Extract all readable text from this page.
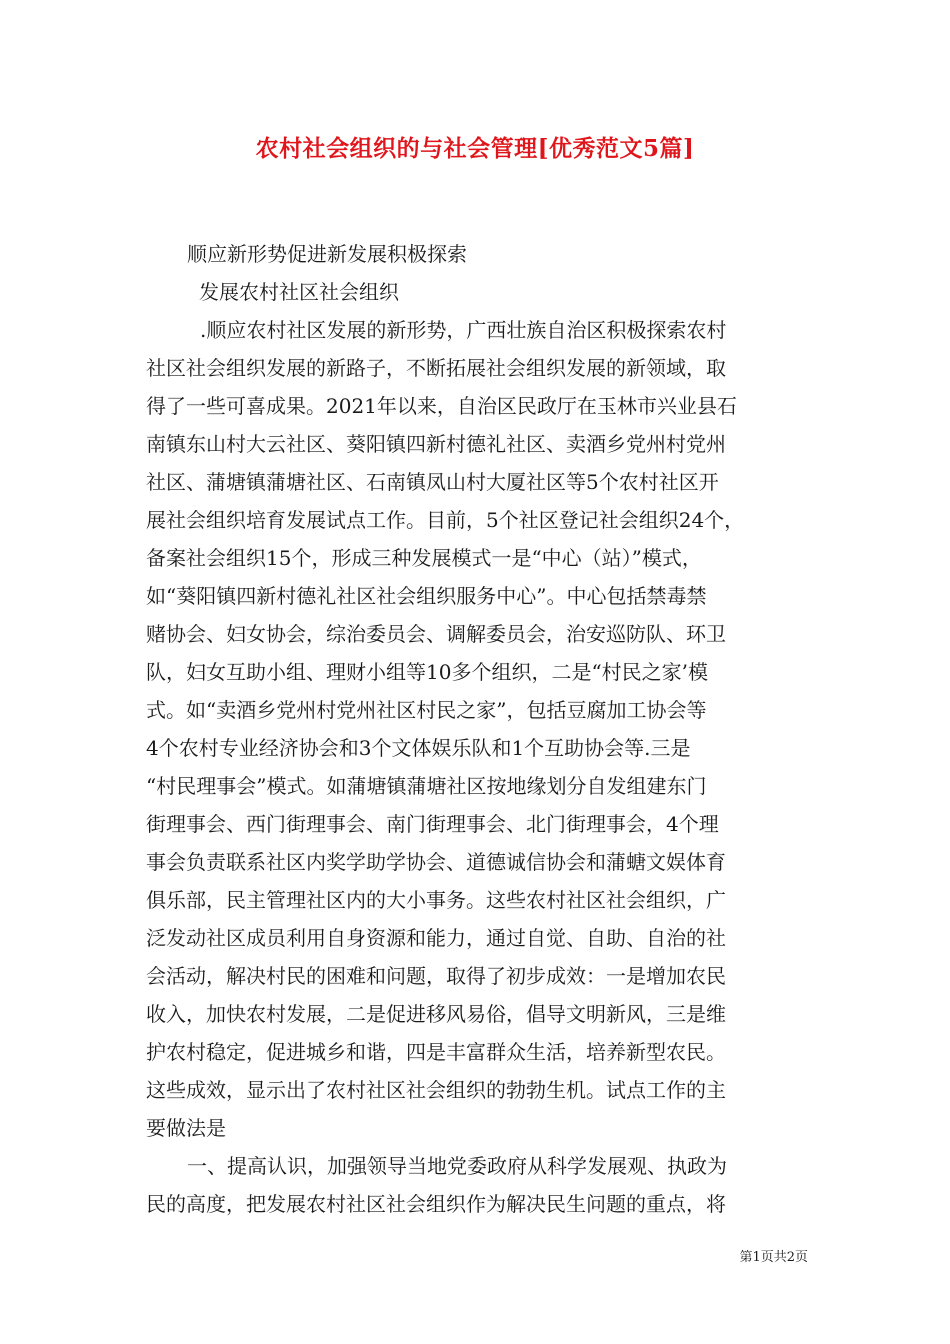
农村社会组织的与社会管理[优秀范文5篇]
顺应新形势促进新发展积极探索
发展农村社区社会组织
.顺应农村社区发展的新形势，广西壮族自治区积极探索农村
社区社会组织发展的新路子，不断拓展社会组织发展的新领域，取
得了一些可喜成果。2021年以来，自治区民政厅在玉林市兴业县石
南镇东山村大云社区、葵阳镇四新村德礼社区、卖酒乡党州村党州
社区、蒲塘镇蒲塘社区、石南镇凤山村大厦社区等5个农村社区开
展社会组织培育发展试点工作。目前，5个社区登记社会组织24个，
备案社会组织15个，形成三种发展模式一是“中心（站）”模式，
如“葵阳镇四新村德礼社区社会组织服务中心”。中心包括禁毒禁
赌协会、妇女协会，综治委员会、调解委员会，治安巡防队、环卫
队，妇女互助小组、理财小组等10多个组织，二是“村民之家’模
式。如“卖酒乡党州村党州社区村民之家”，包括豆腐加工协会等
4个农村专业经济协会和3个文体娱乐队和1个互助协会等.三是
“村民理事会”模式。如蒲塘镇蒲塘社区按地缘划分自发组建东门
街理事会、西门街理事会、南门街理事会、北门街理事会，4个理
事会负责联系社区内奖学助学协会、道德诚信协会和蒲螗文娱体育
俱乐部，民主管理社区内的大小事务。这些农村社区社会组织，广
泛发动社区成员利用自身资源和能力，通过自觉、自助、自治的社
会活动，解决村民的困难和问题，取得了初步成效：一是增加农民
收入，加快农村发展，二是促进移风易俗，倡导文明新风，三是维
护农村稳定，促进城乡和谐，四是丰富群众生活，培养新型农民。
这些成效，显示出了农村社区社会组织的勃勃生机。试点工作的主
要做法是
一、提高认识，加强领导当地党委政府从科学发展观、执政为
民的高度，把发展农村社区社会组织作为解决民生问题的重点，将
第1页共2页
